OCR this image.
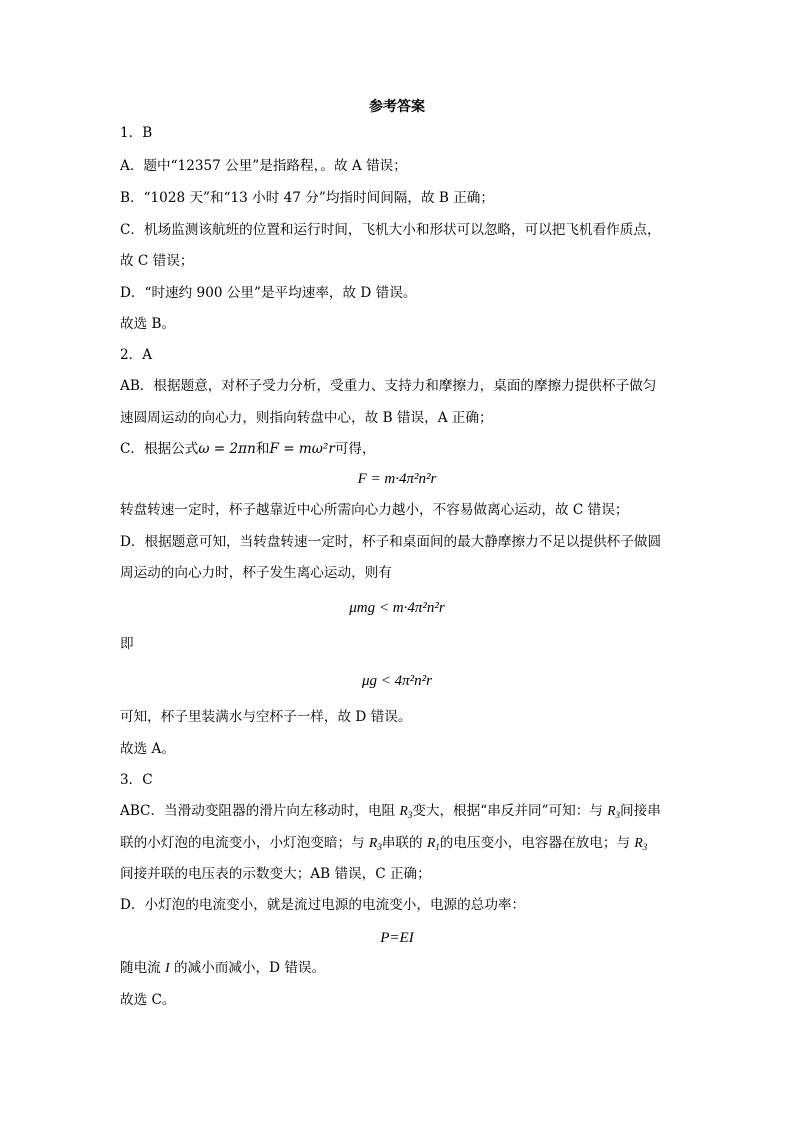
参考答案
1．B
A．题中“12357 公里”是指路程，。故 A 错误；
B．“1028 天”和“13 小时 47 分”均指时间间隔，故 B 正确；
C．机场监测该航班的位置和运行时间，飞机大小和形状可以忽略，可以把飞机看作质点，
故 C 错误；
D．“时速约 900 公里”是平均速率，故 D 错误。
故选 B。
2．A
AB．根据题意，对杯子受力分析，受重力、支持力和摩擦力，桌面的摩擦力提供杯子做匀
速圆周运动的向心力，则指向转盘中心，故 B 错误，A 正确；
C．根据公式ω = 2πn和F = mω²r可得，
F = m·4π²n²r
转盘转速一定时，杯子越靠近中心所需向心力越小，不容易做离心运动，故 C 错误；
D．根据题意可知，当转盘转速一定时，杯子和桌面间的最大静摩擦力不足以提供杯子做圆
周运动的向心力时，杯子发生离心运动，则有
μmg < m·4π²n²r
即
μg < 4π²n²r
可知，杯子里装满水与空杯子一样，故 D 错误。
故选 A。
3．C
ABC．当滑动变阻器的滑片向左移动时，电阻 $R_3$变大，根据“串反并同”可知：与 $R_3$间接串
联的小灯泡的电流变小，小灯泡变暗；与 $R_3$串联的 $R_1$的电压变小，电容器在放电；与 $R_3$
间接并联的电压表的示数变大；AB 错误，C 正确；
D．小灯泡的电流变小，就是流过电源的电流变小，电源的总功率：
P=EI
随电流 I 的减小而减小，D 错误。
故选 C。
